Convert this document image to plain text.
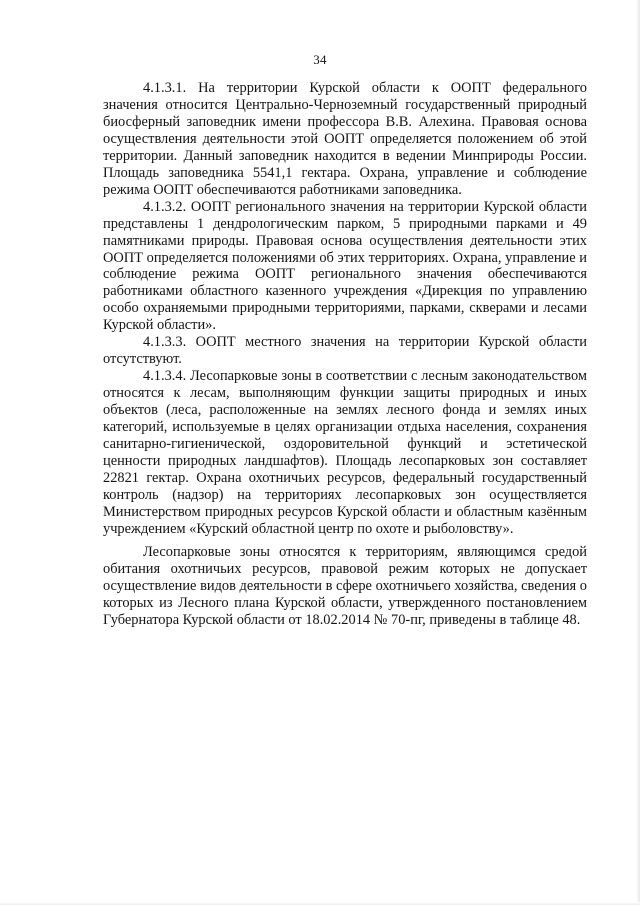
34

4.1.3.1. На территории Курской области к ООПТ федерального значения относится Центрально-Черноземный государственный природный биосферный заповедник имени профессора В.В. Алехина. Правовая основа осуществления деятельности этой ООПТ определяется положением об этой территории. Данный заповедник находится в ведении Минприроды России. Площадь заповедника 5541,1 гектара. Охрана, управление и соблюдение режима ООПТ обеспечиваются работниками заповедника.

4.1.3.2. ООПТ регионального значения на территории Курской области представлены 1 дендрологическим парком, 5 природными парками и 49 памятниками природы. Правовая основа осуществления деятельности этих ООПТ определяется положениями об этих территориях. Охрана, управление и соблюдение режима ООПТ регионального значения обеспечиваются работниками областного казенного учреждения «Дирекция по управлению особо охраняемыми природными территориями, парками, скверами и лесами Курской области».

4.1.3.3. ООПТ местного значения на территории Курской области отсутствуют.

4.1.3.4. Лесопарковые зоны в соответствии с лесным законодательством относятся к лесам, выполняющим функции защиты природных и иных объектов (леса, расположенные на землях лесного фонда и землях иных категорий, используемые в целях организации отдыха населения, сохранения санитарно-гигиенической, оздоровительной функций и эстетической ценности природных ландшафтов). Площадь лесопарковых зон составляет 22821 гектар. Охрана охотничьих ресурсов, федеральный государственный контроль (надзор) на территориях лесопарковых зон осуществляется Министерством природных ресурсов Курской области и областным казённым учреждением «Курский областной центр по охоте и рыболовству».

Лесопарковые зоны относятся к территориям, являющимся средой обитания охотничьих ресурсов, правовой режим которых не допускает осуществление видов деятельности в сфере охотничьего хозяйства, сведения о которых из Лесного плана Курской области, утвержденного постановлением Губернатора Курской области от 18.02.2014 № 70-пг, приведены в таблице 48.
